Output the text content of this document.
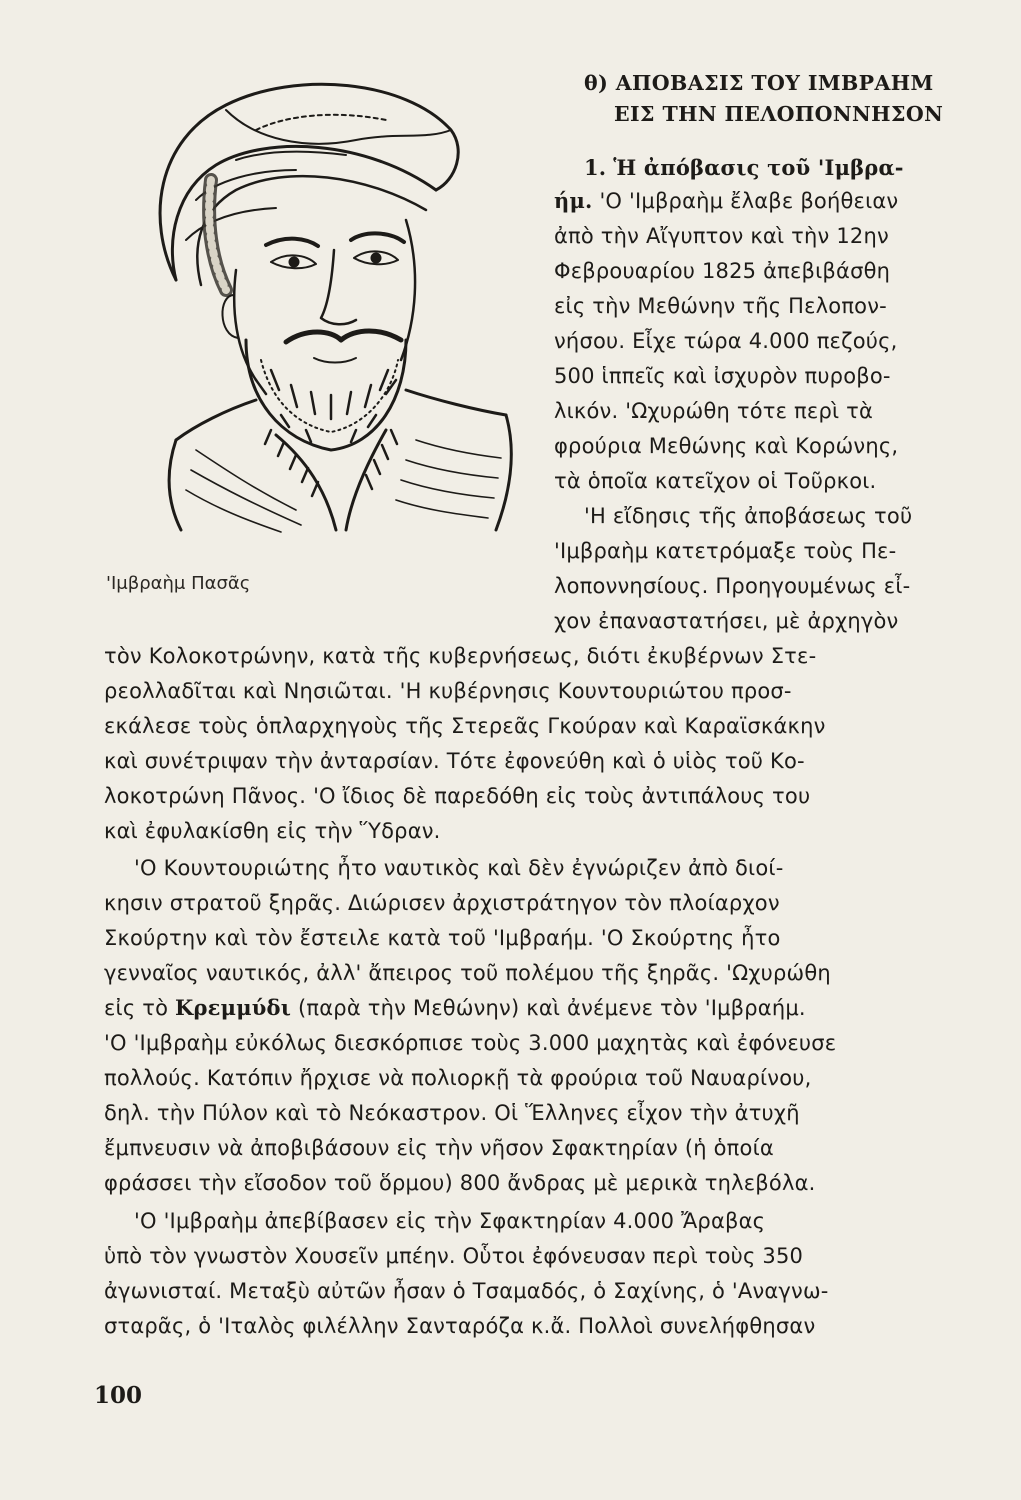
'Ιμβραὴμ Πασᾶς
θ) ΑΠΟΒΑΣΙΣ ΤΟΥ ΙΜΒΡΑΗΜ
ΕΙΣ ΤΗΝ ΠΕΛΟΠΟΝΝΗΣΟΝ
1. Ἡ ἀπόβασις τοῦ 'Ιμβρα-
ήμ. 'Ο 'Ιμβραὴμ ἔλαβε βοήθειαν
ἀπὸ τὴν Αἴγυπτον καὶ τὴν 12ην
Φεβρουαρίου 1825 ἀπεβιβάσθη
εἰς τὴν Μεθώνην τῆς Πελοπον-
νήσου. Εἶχε τώρα 4.000 πεζούς,
500 ἱππεῖς καὶ ἰσχυρὸν πυροβο-
λικόν. 'Ωχυρώθη τότε περὶ τὰ
φρούρια Μεθώνης καὶ Κορώνης,
τὰ ὁποῖα κατεῖχον οἱ Τοῦρκοι.
'Η εἴδησις τῆς ἀποβάσεως τοῦ
'Ιμβραὴμ κατετρόμαξε τοὺς Πε-
λοποννησίους. Προηγουμένως εἶ-
χον ἐπαναστατήσει, μὲ ἀρχηγὸν
τὸν Κολοκοτρώνην, κατὰ τῆς κυβερνήσεως, διότι ἐκυβέρνων Στε-
ρεολλαδῖται καὶ Νησιῶται. 'Η κυβέρνησις Κουντουριώτου προσ-
εκάλεσε τοὺς ὁπλαρχηγοὺς τῆς Στερεᾶς Γκούραν καὶ Καραϊσκάκην
καὶ συνέτριψαν τὴν ἀνταρσίαν. Τότε ἐφονεύθη καὶ ὁ υἱὸς τοῦ Κο-
λοκοτρώνη Πᾶνος. 'Ο ἴδιος δὲ παρεδόθη εἰς τοὺς ἀντιπάλους του
καὶ ἐφυλακίσθη εἰς τὴν Ὕδραν.
'Ο Κουντουριώτης ἦτο ναυτικὸς καὶ δὲν ἐγνώριζεν ἀπὸ διοί-
κησιν στρατοῦ ξηρᾶς. Διώρισεν ἀρχιστράτηγον τὸν πλοίαρχον
Σκούρτην καὶ τὸν ἔστειλε κατὰ τοῦ 'Ιμβραήμ. 'Ο Σκούρτης ἦτο
γενναῖος ναυτικός, ἀλλ' ἄπειρος τοῦ πολέμου τῆς ξηρᾶς. 'Ωχυρώθη
εἰς τὸ Κρεμμύδι (παρὰ τὴν Μεθώνην) καὶ ἀνέμενε τὸν 'Ιμβραήμ.
'Ο 'Ιμβραὴμ εὐκόλως διεσκόρπισε τοὺς 3.000 μαχητὰς καὶ ἐφόνευσε
πολλούς. Κατόπιν ἤρχισε νὰ πολιορκῇ τὰ φρούρια τοῦ Ναυαρίνου,
δηλ. τὴν Πύλον καὶ τὸ Νεόκαστρον. Οἱ Ἕλληνες εἶχον τὴν ἀτυχῆ
ἔμπνευσιν νὰ ἀποβιβάσουν εἰς τὴν νῆσον Σφακτηρίαν (ἡ ὁποία
φράσσει τὴν εἴσοδον τοῦ ὅρμου) 800 ἄνδρας μὲ μερικὰ τηλεβόλα.
'Ο 'Ιμβραὴμ ἀπεβίβασεν εἰς τὴν Σφακτηρίαν 4.000 Ἄραβας
ὑπὸ τὸν γνωστὸν Χουσεῖν μπέην. Οὗτοι ἐφόνευσαν περὶ τοὺς 350
ἀγωνισταί. Μεταξὺ αὐτῶν ἦσαν ὁ Τσαμαδός, ὁ Σαχίνης, ὁ 'Αναγνω-
σταρᾶς, ὁ 'Ιταλὸς φιλέλλην Σανταρόζα κ.ἄ. Πολλοὶ συνελήφθησαν
100
